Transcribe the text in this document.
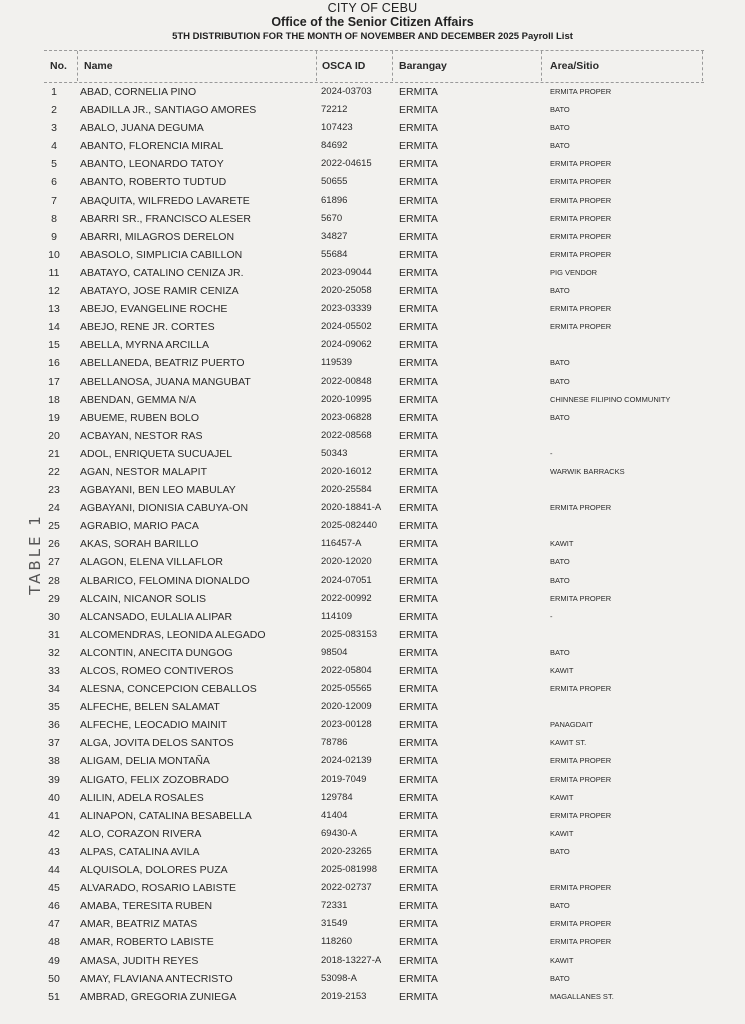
CITY OF CEBU
Office of the Senior Citizen Affairs
5TH DISTRIBUTION FOR THE MONTH OF NOVEMBER AND DECEMBER 2025 Payroll List
No. Name	OSCA ID	Barangay	Area/Sitio
1	ABAD, CORNELIA PINO	2024-03703	ERMITA	ERMITA PROPER
2	ABADILLA JR., SANTIAGO AMORES	72212	ERMITA	BATO
3	ABALO, JUANA DEGUMA	107423	ERMITA	BATO
4	ABANTO, FLORENCIA MIRAL	84692	ERMITA	BATO
5	ABANTO, LEONARDO TATOY	2022-04615	ERMITA	ERMITA PROPER
6	ABANTO, ROBERTO TUDTUD	50655	ERMITA	ERMITA PROPER
7	ABAQUITA, WILFREDO LAVARETE	61896	ERMITA	ERMITA PROPER
8	ABARRI SR., FRANCISCO ALESER	5670	ERMITA	ERMITA PROPER
9	ABARRI, MILAGROS DERELON	34827	ERMITA	ERMITA PROPER
10	ABASOLO, SIMPLICIA CABILLON	55684	ERMITA	ERMITA PROPER
11	ABATAYO, CATALINO CENIZA JR.	2023-09044	ERMITA	PIG VENDOR
12	ABATAYO, JOSE RAMIR CENIZA	2020-25058	ERMITA	BATO
13	ABEJO, EVANGELINE ROCHE	2023-03339	ERMITA	ERMITA PROPER
14	ABEJO, RENE JR. CORTES	2024-05502	ERMITA	ERMITA PROPER
15	ABELLA, MYRNA ARCILLA	2024-09062	ERMITA
16	ABELLANEDA, BEATRIZ PUERTO	119539	ERMITA	BATO
17	ABELLANOSA, JUANA MANGUBAT	2022-00848	ERMITA	BATO
18	ABENDAN, GEMMA N/A	2020-10995	ERMITA	CHINNESE FILIPINO COMMUNITY
19	ABUEME, RUBEN BOLO	2023-06828	ERMITA	BATO
20	ACBAYAN, NESTOR RAS	2022-08568	ERMITA
21	ADOL, ENRIQUETA SUCUAJEL	50343	ERMITA	-
22	AGAN, NESTOR MALAPIT	2020-16012	ERMITA	WARWIK BARRACKS
23	AGBAYANI, BEN LEO MABULAY	2020-25584	ERMITA
24	AGBAYANI, DIONISIA CABUYA-ON	2020-18841-A ERMITA	ERMITA PROPER
25	AGRABIO, MARIO PACA	2025-082440 ERMITA
26	AKAS, SORAH BARILLO	116457-A	ERMITA	KAWIT
27	ALAGON, ELENA VILLAFLOR	2020-12020	ERMITA	BATO
28	ALBARICO, FELOMINA DIONALDO	2024-07051	ERMITA	BATO
29	ALCAIN, NICANOR SOLIS	2022-00992	ERMITA	ERMITA PROPER
30	ALCANSADO, EULALIA ALIPAR	114109	ERMITA	-
31	ALCOMENDRAS, LEONIDA ALEGADO	2025-083153 ERMITA
32	ALCONTIN, ANECITA DUNGOG	98504	ERMITA	BATO
33	ALCOS, ROMEO CONTIVEROS	2022-05804	ERMITA	KAWIT
34	ALESNA, CONCEPCION CEBALLOS	2025-05565	ERMITA	ERMITA PROPER
35	ALFECHE, BELEN SALAMAT	2020-12009	ERMITA
36	ALFECHE, LEOCADIO MAINIT	2023-00128	ERMITA	PANAGDAIT
37	ALGA, JOVITA DELOS SANTOS	78786	ERMITA	KAWIT ST.
38	ALIGAM, DELIA MONTAÑA	2024-02139	ERMITA	ERMITA PROPER
39	ALIGATO, FELIX ZOZOBRADO	2019-7049	ERMITA	ERMITA PROPER
40	ALILIN, ADELA ROSALES	129784	ERMITA	KAWIT
41	ALINAPON, CATALINA BESABELLA	41404	ERMITA	ERMITA PROPER
42	ALO, CORAZON RIVERA	69430-A	ERMITA	KAWIT
43	ALPAS, CATALINA AVILA	2020-23265	ERMITA	BATO
44	ALQUISOLA, DOLORES PUZA	2025-081998 ERMITA
45	ALVARADO, ROSARIO LABISTE	2022-02737	ERMITA	ERMITA PROPER
46	AMABA, TERESITA RUBEN	72331	ERMITA	BATO
47	AMAR, BEATRIZ MATAS	31549	ERMITA	ERMITA PROPER
48	AMAR, ROBERTO LABISTE	118260	ERMITA	ERMITA PROPER
49	AMASA, JUDITH REYES	2018-13227-A ERMITA	KAWIT
50	AMAY, FLAVIANA ANTECRISTO	53098-A	ERMITA	BATO
51	AMBRAD, GREGORIA ZUNIEGA	2019-2153	ERMITA	MAGALLANES ST.
TABLE 1
